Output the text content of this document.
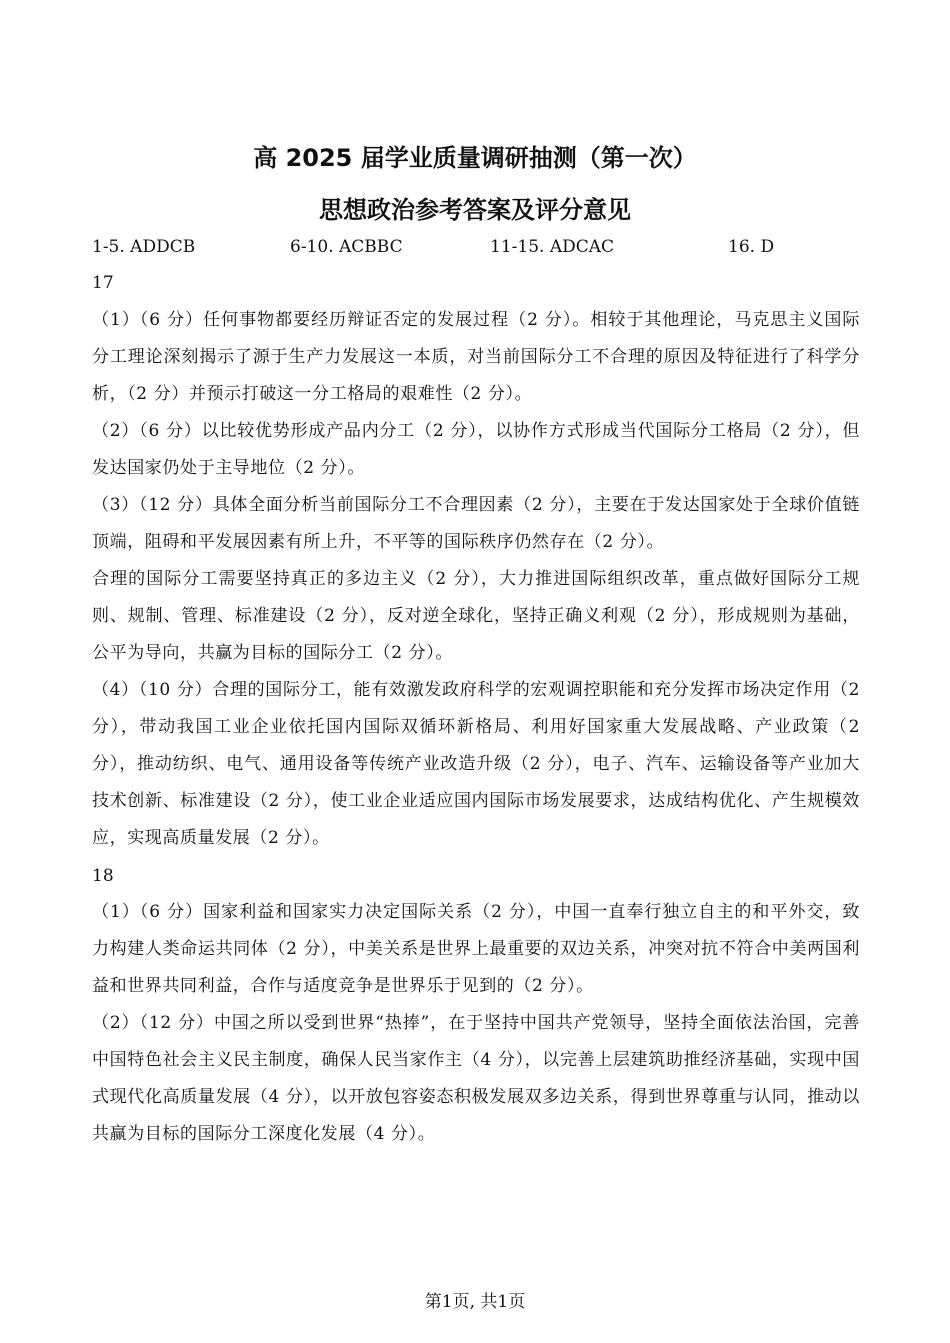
高 2025 届学业质量调研抽测（第一次）
思想政治参考答案及评分意见
1-5. ADDCB	6-10. ACBBC	11-15. ADCAC	16. D
17
（1）（6 分）任何事物都要经历辩证否定的发展过程（2 分）。相较于其他理论，马克思主义国际分工理论深刻揭示了源于生产力发展这一本质，对当前国际分工不合理的原因及特征进行了科学分析，（2 分）并预示打破这一分工格局的艰难性（2 分）。
（2）（6 分）以比较优势形成产品内分工（2 分），以协作方式形成当代国际分工格局（2 分），但发达国家仍处于主导地位（2 分）。
（3）（12 分）具体全面分析当前国际分工不合理因素（2 分），主要在于发达国家处于全球价值链顶端，阻碍和平发展因素有所上升，不平等的国际秩序仍然存在（2 分）。
合理的国际分工需要坚持真正的多边主义（2 分），大力推进国际组织改革，重点做好国际分工规则、规制、管理、标准建设（2 分），反对逆全球化，坚持正确义利观（2 分），形成规则为基础，公平为导向，共赢为目标的国际分工（2 分）。
（4）（10 分）合理的国际分工，能有效激发政府科学的宏观调控职能和充分发挥市场决定作用（2 分），带动我国工业企业依托国内国际双循环新格局、利用好国家重大发展战略、产业政策（2 分），推动纺织、电气、通用设备等传统产业改造升级（2 分），电子、汽车、运输设备等产业加大技术创新、标准建设（2 分），使工业企业适应国内国际市场发展要求，达成结构优化、产生规模效应，实现高质量发展（2 分）。
18
（1）（6 分）国家利益和国家实力决定国际关系（2 分），中国一直奉行独立自主的和平外交，致力构建人类命运共同体（2 分），中美关系是世界上最重要的双边关系，冲突对抗不符合中美两国利益和世界共同利益，合作与适度竞争是世界乐于见到的（2 分）。
（2）（12 分）中国之所以受到世界“热捧”，在于坚持中国共产党领导，坚持全面依法治国，完善中国特色社会主义民主制度，确保人民当家作主（4 分），以完善上层建筑助推经济基础，实现中国式现代化高质量发展（4 分），以开放包容姿态积极发展双多边关系，得到世界尊重与认同，推动以共赢为目标的国际分工深度化发展（4 分）。
第1页, 共1页
